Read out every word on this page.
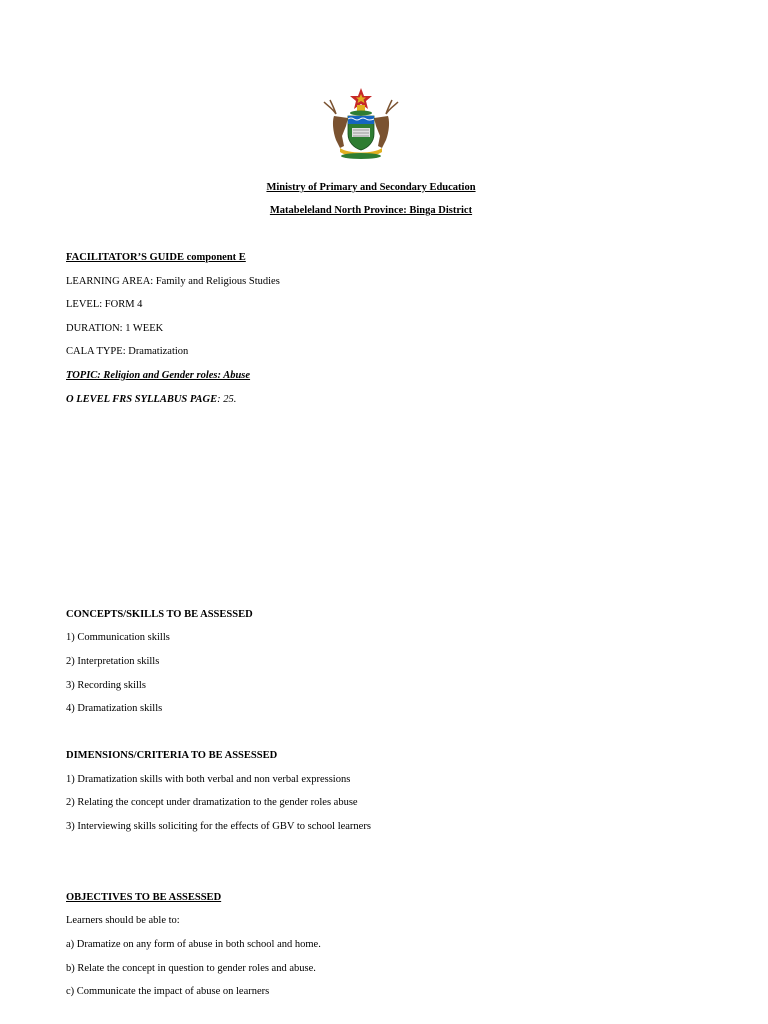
Ministry of Primary and Secondary Education
Matabeleland North Province: Binga District
FACILITATOR’S GUIDE component E
LEARNING AREA: Family and Religious Studies
LEVEL: FORM 4
DURATION: 1 WEEK
CALA TYPE: Dramatization
TOPIC: Religion and Gender roles: Abuse
O LEVEL FRS SYLLABUS PAGE: 25.
CONCEPTS/SKILLS TO BE ASSESSED
1) Communication skills
2) Interpretation skills
3) Recording skills
4) Dramatization skills
DIMENSIONS/CRITERIA TO BE ASSESSED
1) Dramatization skills with both verbal and non verbal expressions
2) Relating the concept under dramatization to the gender roles abuse
3) Interviewing skills soliciting for the effects of GBV to school learners
OBJECTIVES TO BE ASSESSED
Learners should be able to:
a) Dramatize on any form of abuse in both school and home.
b) Relate the concept in question to gender roles and abuse.
c) Communicate the impact of abuse on learners
